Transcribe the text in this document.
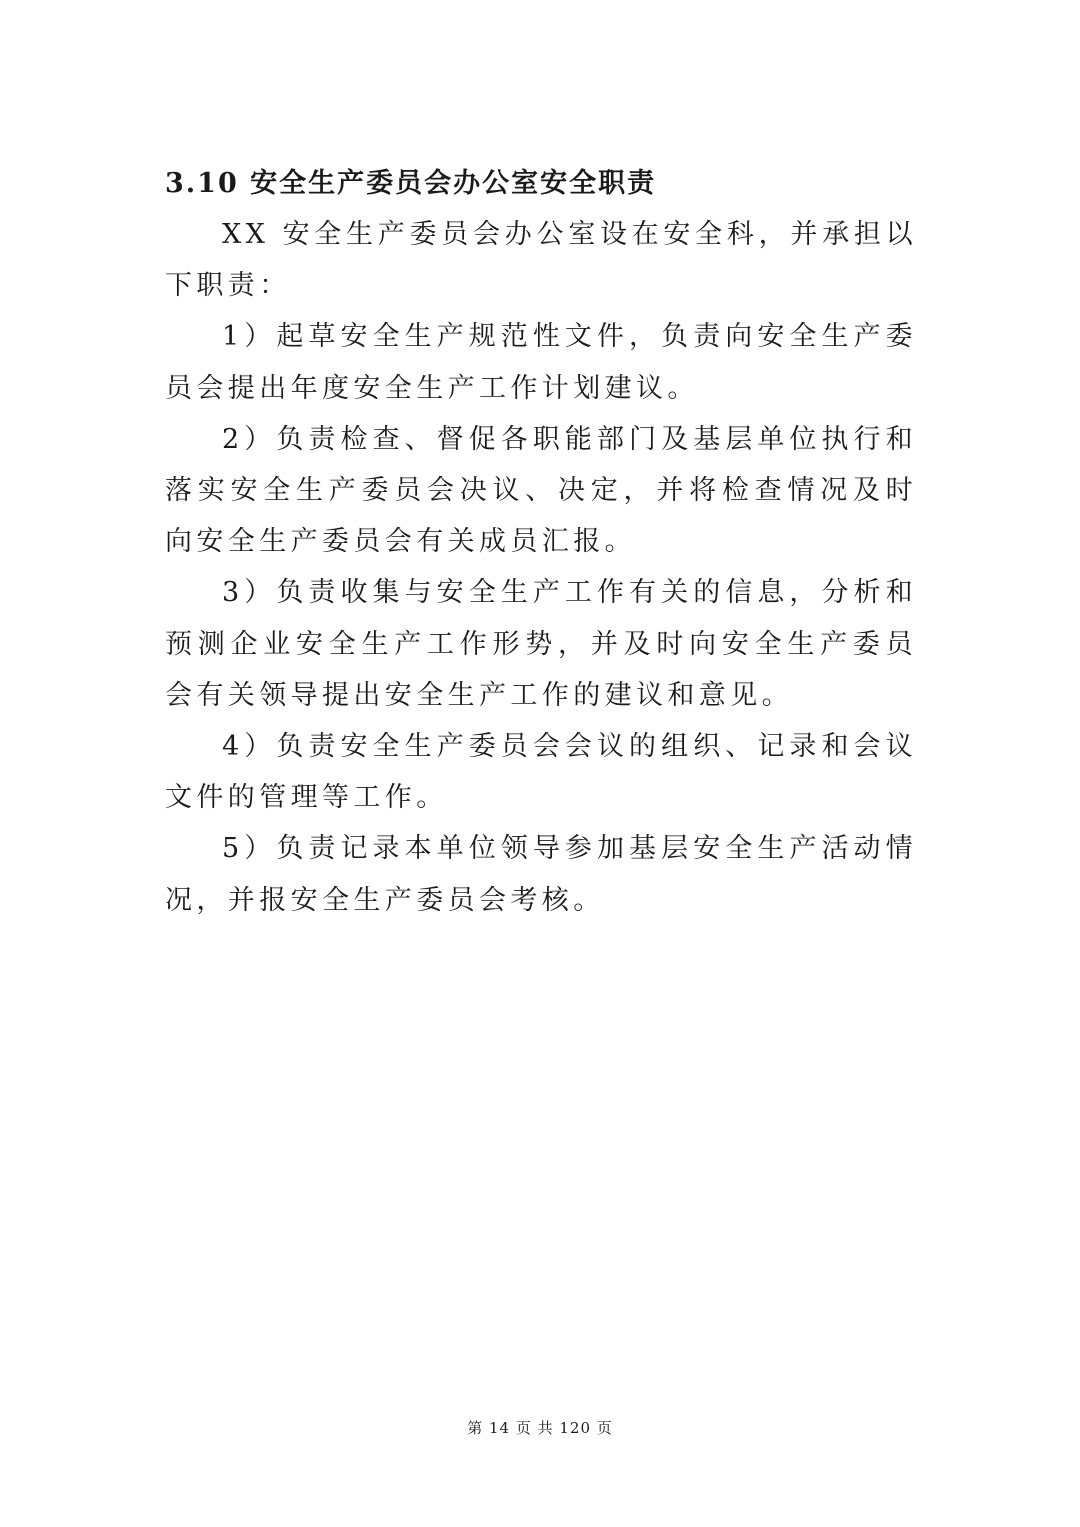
3.10 安全生产委员会办公室安全职责

XX 安全生产委员会办公室设在安全科，并承担以下职责：

1）起草安全生产规范性文件，负责向安全生产委员会提出年度安全生产工作计划建议。

2）负责检查、督促各职能部门及基层单位执行和落实安全生产委员会决议、决定，并将检查情况及时向安全生产委员会有关成员汇报。

3）负责收集与安全生产工作有关的信息，分析和预测企业安全生产工作形势，并及时向安全生产委员会有关领导提出安全生产工作的建议和意见。

4）负责安全生产委员会会议的组织、记录和会议文件的管理等工作。

5）负责记录本单位领导参加基层安全生产活动情况，并报安全生产委员会考核。

第 14 页 共 120 页
